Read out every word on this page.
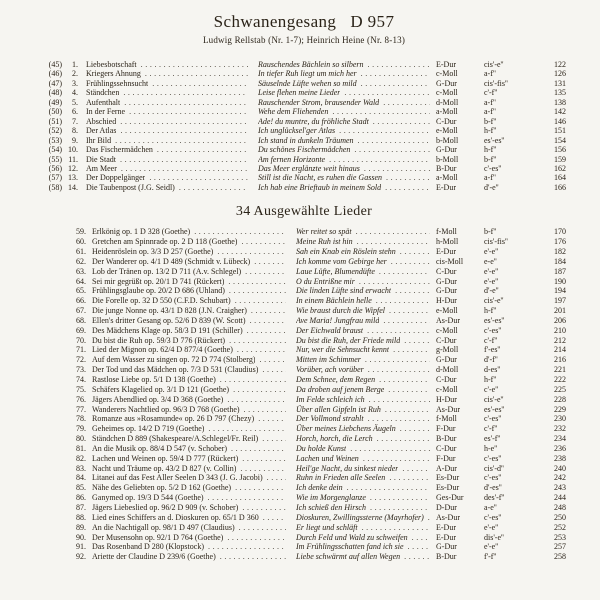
Schwanengesang D 957
Ludwig Rellstab (Nr. 1-7); Heinrich Heine (Nr. 8-13)
(45)	1. Liebesbotschaft .....	Rauschendes Bächlein so silbern .....	E-Dur	cis'-e''	122
(46)	2. Kriegers Ahnung .....	In tiefer Ruh liegt um mich her .....	c-Moll	a-f''	126
(47)	3. Frühlingssehnsucht .....	Säuselnde Lüfte wehen so mild .....	G-Dur	cis'-fis''	131
(48)	4. Ständchen .....	Leise flehen meine Lieder .....	c-Moll	c'-f''	135
(49)	5. Aufenthalt .....	Rauschender Strom, brausender Wald .....	d-Moll	a-f''	138
(50)	6. In der Ferne .....	Wehe dem Fliehenden .....	a-Moll	a-f''	142
(51)	7. Abschied .....	Ade! du muntre, du fröhliche Stadt .....	C-Dur	b-f''	146
(52)	8. Der Atlas .....	Ich unglücksel'ger Atlas .....	e-Moll	h-f''	151
(53)	9. Ihr Bild .....	Ich stand in dunkeln Träumen .....	b-Moll	es'-es''	154
(54) 10. Das Fischermädchen .....	Du schönes Fischermädchen .....	G-Dur	h-f''	156
(55) 11. Die Stadt .....	Am fernen Horizonte .....	b-Moll	b-f''	159
(56) 12. Am Meer .....	Das Meer erglänzte weit hinaus .....	B-Dur	c'-es''	162
(57) 13. Der Doppelgänger .....	Still ist die Nacht, es ruhen die Gassen .....	a-Moll	a-f''	164
(58) 14. Die Taubenpost (J.G. Seidl) .....	Ich hab eine Brieftaub in meinem Sold .....	E-Dur	d'-e''	166
34 Ausgewählte Lieder
59. Erlkönig op. 1 D 328 (Goethe) .....	Wer reitet so spät .....	f-Moll	b-f''	170
60. Gretchen am Spinnrade op. 2 D 118 (Goethe) .....	Meine Ruh ist hin .....	h-Moll	cis'-fis''	176
61. Heidenröslein op. 3/3 D 257 (Goethe) .....	Sah ein Knab ein Röslein stehn .....	E-Dur	e'-e''	182
62. Der Wanderer op. 4/1 D 489 (Schmidt v. Lübeck) .....	Ich komme vom Gebirge her .....	cis-Moll	e-e''	184
63. Lob der Tränen op. 13/2 D 711 (A.v. Schlegel) .....	Laue Lüfte, Blumendüfte .....	C-Dur	e'-e''	187
64. Sei mir gegrüßt op. 20/1 D 741 (Rückert) .....	O du Entrißne mir .....	G-Dur	e'-e''	190
65. Frühlingsglaube op. 20/2 D 686 (Uhland) .....	Die linden Lüfte sind erwacht .....	G-Dur	d'-e''	194
66. Die Forelle op. 32 D 550 (C.F.D. Schubart) .....	In einem Bächlein helle .....	H-Dur	cis'-e''	197
67. Die junge Nonne op. 43/1 D 828 (J.N. Craigher) .....	Wie braust durch die Wipfel .....	e-Moll	h-f''	201
68. Ellen's dritter Gesang op. 52/6 D 839 (W. Scott) .....	Ave Maria! Jungfrau mild .....	As-Dur	es'-es''	206
69. Des Mädchens Klage op. 58/3 D 191 (Schiller) .....	Der Eichwald braust .....	c-Moll	c'-es''	210
70. Du bist die Ruh op. 59/3 D 776 (Rückert) .....	Du bist die Ruh, der Friede mild .....	C-Dur	c'-f''	212
71. Lied der Mignon op. 62/4 D 877/4 (Goethe) .....	Nur, wer die Sehnsucht kennt .....	g-Moll	f'-es''	214
72. Auf dem Wasser zu singen op. 72 D 774 (Stolberg) .....	Mitten im Schimmer .....	G-Dur	d'-f''	216
73. Der Tod und das Mädchen op. 7/3 D 531 (Claudius) .....	Vorüber, ach vorüber .....	d-Moll	d-es''	221
74. Rastlose Liebe op. 5/1 D 138 (Goethe) .....	Dem Schnee, dem Regen .....	C-Dur	h-f''	222
75. Schäfers Klagelied op. 3/1 D 121 (Goethe) .....	Da droben auf jenem Berge .....	c-Moll	c'-e''	225
76. Jägers Abendlied op. 3/4 D 368 (Goethe) .....	Im Felde schleich ich .....	H-Dur	cis'-e''	228
77. Wanderers Nachtlied op. 96/3 D 768 (Goethe) .....	Über allen Gipfeln ist Ruh .....	As-Dur	es'-es''	229
78. Romanze aus »Rosamunde« op. 26 D 797 (Chezy) .....	Der Vollmond strahlt .....	f-Moll	c'-es''	230
79. Geheimes op. 14/2 D 719 (Goethe) .....	Über meines Liebchens Äugeln .....	F-Dur	c'-f''	232
80. Ständchen D 889 (Shakespeare/A.Schlegel/Fr. Reil) .....	Horch, horch, die Lerch .....	B-Dur	es'-f''	234
81. An die Musik op. 88/4 D 547 (v. Schober) .....	Du holde Kunst .....	C-Dur	h-e''	236
82. Lachen und Weinen op. 59/4 D 777 (Rückert) .....	Lachen und Weinen .....	F-Dur	c'-es''	238
83. Nacht und Träume op. 43/2 D 827 (v. Collin) .....	Heil'ge Nacht, du sinkest nieder .....	A-Dur	cis'-d''	240
84. Litanei auf das Fest Aller Seelen D 343 (J. G. Jacobi) .....	Ruhn in Frieden alle Seelen .....	Es-Dur	c'-es''	242
85. Nähe des Geliebten op. 5/2 D 162 (Goethe) .....	Ich denke dein .....	Es-Dur	d'-es''	243
86. Ganymed op. 19/3 D 544 (Goethe) .....	Wie im Morgenglanze .....	Ges-Dur	des'-f''	244
87. Jägers Liebeslied op. 96/2 D 909 (v. Schober) .....	Ich schieß den Hirsch .....	D-Dur	a-e''	248
88. Lied eines Schiffers an d. Dioskuren op. 65/1 D 360 .....	Dioskuren, Zwillingssterne (Mayrhofer) ..... As-Dur	c'-es''	250
89. An die Nachtigall op. 98/1 D 497 (Claudius) .....	Er liegt und schläft .....	E-Dur	e'-e''	252
90. Der Musensohn op. 92/1 D 764 (Goethe) .....	Durch Feld und Wald zu schweifen .....	E-Dur	dis'-e''	253
91. Das Rosenband D 280 (Klopstock) .....	Im Frühlingsschatten fand ich sie .....	G-Dur	e'-e''	257
92. Ariette der Claudine D 239/6 (Goethe) .....	Liebe schwärmt auf allen Wegen .....	B-Dur	f'-f''	258
